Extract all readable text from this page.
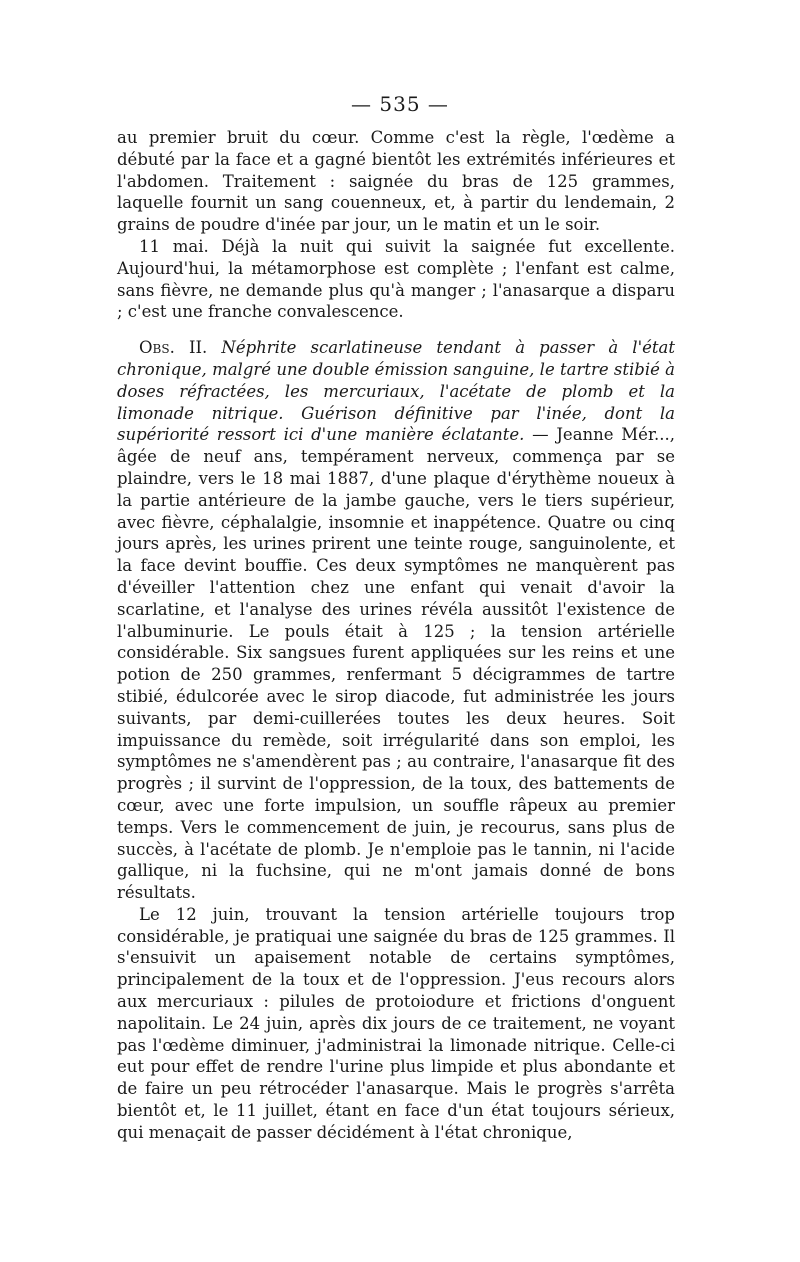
— 535 —

au premier bruit du cœur. Comme c'est la règle, l'œdème a débuté par la face et a gagné bientôt les extrémités inférieures et l'abdomen. Traitement : saignée du bras de 125 grammes, laquelle fournit un sang couenneux, et, à partir du lendemain, 2 grains de poudre d'inée par jour, un le matin et un le soir.

11 mai. Déjà la nuit qui suivit la saignée fut excellente. Aujourd'hui, la métamorphose est complète ; l'enfant est calme, sans fièvre, ne demande plus qu'à manger ; l'anasarque a disparu ; c'est une franche convalescence.

Obs. II. Néphrite scarlatineuse tendant à passer à l'état chronique, malgré une double émission sanguine, le tartre stibié à doses réfractées, les mercuriaux, l'acétate de plomb et la limonade nitrique. Guérison définitive par l'inée, dont la supériorité ressort ici d'une manière éclatante. — Jeanne Mér..., âgée de neuf ans, tempérament nerveux, commença par se plaindre, vers le 18 mai 1887, d'une plaque d'érythème noueux à la partie antérieure de la jambe gauche, vers le tiers supérieur, avec fièvre, céphalalgie, insomnie et inappétence. Quatre ou cinq jours après, les urines prirent une teinte rouge, sanguinolente, et la face devint bouffie. Ces deux symptômes ne manquèrent pas d'éveiller l'attention chez une enfant qui venait d'avoir la scarlatine, et l'analyse des urines révéla aussitôt l'existence de l'albuminurie. Le pouls était à 125 ; la tension artérielle considérable. Six sangsues furent appliquées sur les reins et une potion de 250 grammes, renfermant 5 décigrammes de tartre stibié, édulcorée avec le sirop diacode, fut administrée les jours suivants, par demi-cuillerées toutes les deux heures. Soit impuissance du remède, soit irrégularité dans son emploi, les symptômes ne s'amendèrent pas ; au contraire, l'anasarque fit des progrès ; il survint de l'oppression, de la toux, des battements de cœur, avec une forte impulsion, un souffle râpeux au premier temps. Vers le commencement de juin, je recourus, sans plus de succès, à l'acétate de plomb. Je n'emploie pas le tannin, ni l'acide gallique, ni la fuchsine, qui ne m'ont jamais donné de bons résultats.

Le 12 juin, trouvant la tension artérielle toujours trop considérable, je pratiquai une saignée du bras de 125 grammes. Il s'ensuivit un apaisement notable de certains symptômes, principalement de la toux et de l'oppression. J'eus recours alors aux mercuriaux : pilules de protoiodure et frictions d'onguent napolitain. Le 24 juin, après dix jours de ce traitement, ne voyant pas l'œdème diminuer, j'administrai la limonade nitrique. Celle-ci eut pour effet de rendre l'urine plus limpide et plus abondante et de faire un peu rétrocéder l'anasarque. Mais le progrès s'arrêta bientôt et, le 11 juillet, étant en face d'un état toujours sérieux, qui menaçait de passer décidément à l'état chronique,
